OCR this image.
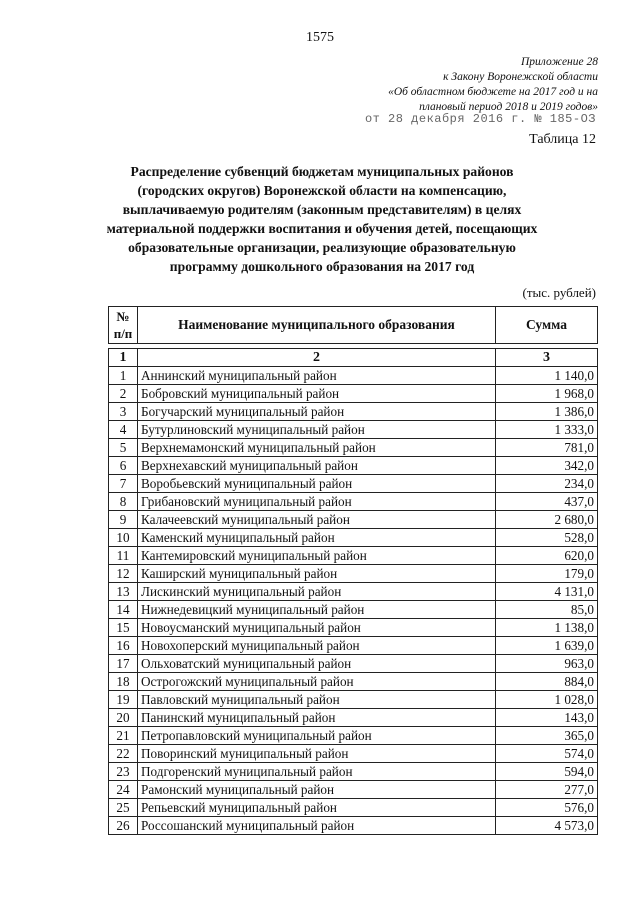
1575
Приложение 28
к Закону Воронежской области
«Об областном бюджете на 2017 год и на
плановый период 2018 и 2019 годов»
от 28 декабря 2016 г. № 185-ОЗ
Таблица 12
Распределение субвенций бюджетам муниципальных районов
(городских округов) Воронежской области на компенсацию,
выплачиваемую родителям (законным представителям) в целях
материальной поддержки воспитания и обучения детей, посещающих
образовательные организации, реализующие образовательную
программу дошкольного образования на 2017 год
(тыс. рублей)
№
п/п
	Наименование муниципального образования	Сумма
1	2	3
1	Аннинский муниципальный район	1 140,0
2	Бобровский муниципальный район	1 968,0
3	Богучарский муниципальный район	1 386,0
4	Бутурлиновский муниципальный район	1 333,0
5	Верхнемамонский муниципальный район	781,0
6	Верхнехавский муниципальный район	342,0
7	Воробьевский муниципальный район	234,0
8	Грибановский муниципальный район	437,0
9	Калачеевский муниципальный район	2 680,0
10	Каменский муниципальный район	528,0
11	Кантемировский муниципальный район	620,0
12	Каширский муниципальный район	179,0
13	Лискинский муниципальный район	4 131,0
14	Нижнедевицкий муниципальный район	85,0
15	Новоусманский муниципальный район	1 138,0
16	Новохоперский муниципальный район	1 639,0
17	Ольховатский муниципальный район	963,0
18	Острогожский муниципальный район	884,0
19	Павловский муниципальный район	1 028,0
20	Панинский муниципальный район	143,0
21	Петропавловский муниципальный район	365,0
22	Поворинский муниципальный район	574,0
23	Подгоренский муниципальный район	594,0
24	Рамонский муниципальный район	277,0
25	Репьевский муниципальный район	576,0
26	Россошанский муниципальный район	4 573,0
